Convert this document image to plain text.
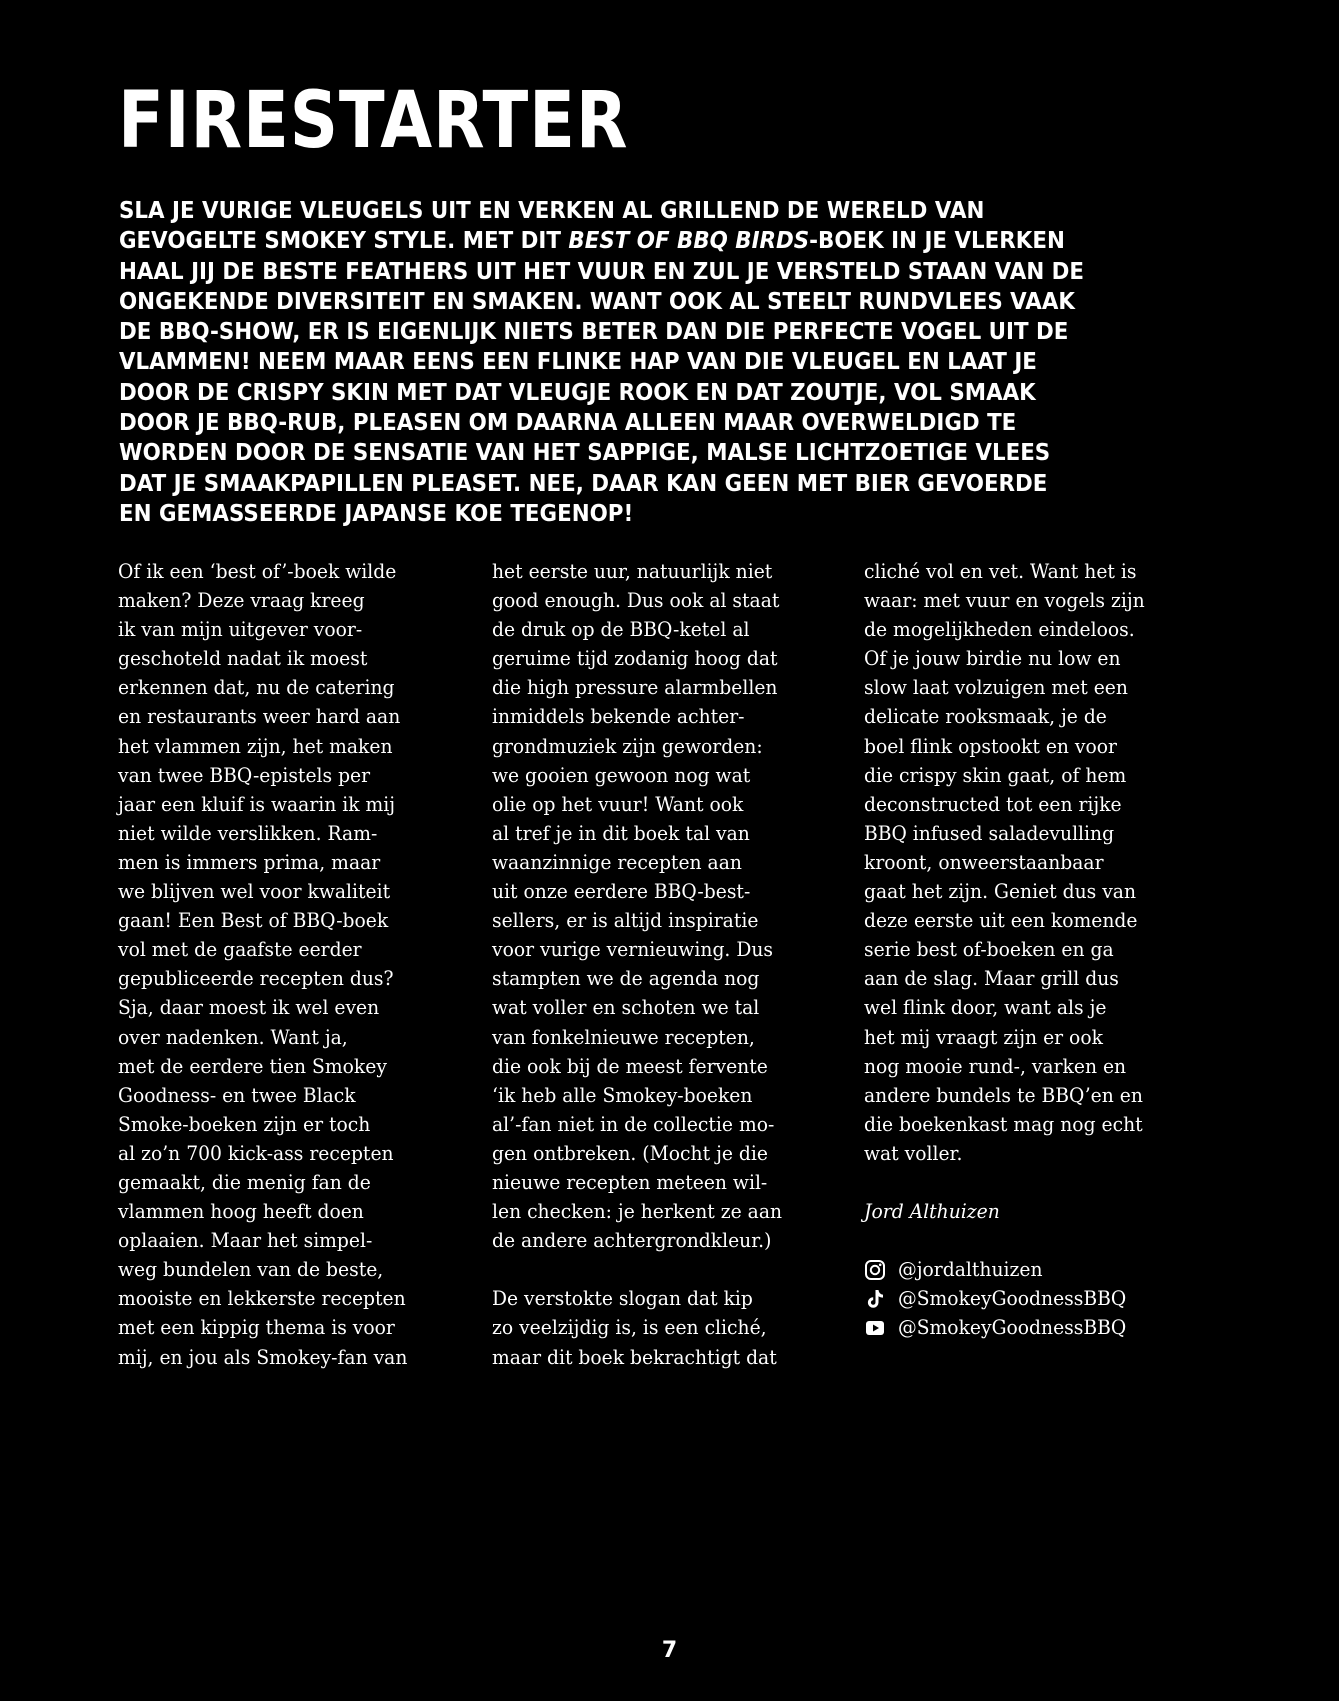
FIRESTARTER
SLA JE VURIGE VLEUGELS UIT EN VERKEN AL GRILLEND DE WERELD VAN
GEVOGELTE SMOKEY STYLE. MET DIT BEST OF BBQ BIRDS-BOEK IN JE VLERKEN
HAAL JIJ DE BESTE FEATHERS UIT HET VUUR EN ZUL JE VERSTELD STAAN VAN DE
ONGEKENDE DIVERSITEIT EN SMAKEN. WANT OOK AL STEELT RUNDVLEES VAAK
DE BBQ-SHOW, ER IS EIGENLIJK NIETS BETER DAN DIE PERFECTE VOGEL UIT DE
VLAMMEN! NEEM MAAR EENS EEN FLINKE HAP VAN DIE VLEUGEL EN LAAT JE
DOOR DE CRISPY SKIN MET DAT VLEUGJE ROOK EN DAT ZOUTJE, VOL SMAAK
DOOR JE BBQ-RUB, PLEASEN OM DAARNA ALLEEN MAAR OVERWELDIGD TE
WORDEN DOOR DE SENSATIE VAN HET SAPPIGE, MALSE LICHTZOETIGE VLEES
DAT JE SMAAKPAPILLEN PLEASET. NEE, DAAR KAN GEEN MET BIER GEVOERDE
EN GEMASSEERDE JAPANSE KOE TEGENOP!
Of ik een ‘best of’-boek wilde
maken? Deze vraag kreeg
ik van mijn uitgever voor-
geschoteld nadat ik moest
erkennen dat, nu de catering
en restaurants weer hard aan
het vlammen zijn, het maken
van twee BBQ-epistels per
jaar een kluif is waarin ik mij
niet wilde verslikken. Ram-
men is immers prima, maar
we blijven wel voor kwaliteit
gaan! Een Best of BBQ-boek
vol met de gaafste eerder
gepubliceerde recepten dus?
Sja, daar moest ik wel even
over nadenken. Want ja,
met de eerdere tien Smokey
Goodness- en twee Black
Smoke-boeken zijn er toch
al zo’n 700 kick-ass recepten
gemaakt, die menig fan de
vlammen hoog heeft doen
oplaaien. Maar het simpel-
weg bundelen van de beste,
mooiste en lekkerste recepten
met een kippig thema is voor
mij, en jou als Smokey-fan van
het eerste uur, natuurlijk niet
good enough. Dus ook al staat
de druk op de BBQ-ketel al
geruime tijd zodanig hoog dat
die high pressure alarmbellen
inmiddels bekende achter-
grondmuziek zijn geworden:
we gooien gewoon nog wat
olie op het vuur! Want ook
al tref je in dit boek tal van
waanzinnige recepten aan
uit onze eerdere BBQ-best-
sellers, er is altijd inspiratie
voor vurige vernieuwing. Dus
stampten we de agenda nog
wat voller en schoten we tal
van fonkelnieuwe recepten,
die ook bij de meest fervente
‘ik heb alle Smokey-boeken
al’-fan niet in de collectie mo-
gen ontbreken. (Mocht je die
nieuwe recepten meteen wil-
len checken: je herkent ze aan
de andere achtergrondkleur.)
De verstokte slogan dat kip
zo veelzijdig is, is een cliché,
maar dit boek bekrachtigt dat
cliché vol en vet. Want het is
waar: met vuur en vogels zijn
de mogelijkheden eindeloos.
Of je jouw birdie nu low en
slow laat volzuigen met een
delicate rooksmaak, je de
boel flink opstookt en voor
die crispy skin gaat, of hem
deconstructed tot een rijke
BBQ infused saladevulling
kroont, onweerstaanbaar
gaat het zijn. Geniet dus van
deze eerste uit een komende
serie best of-boeken en ga
aan de slag. Maar grill dus
wel flink door, want als je
het mij vraagt zijn er ook
nog mooie rund-, varken en
andere bundels te BBQ’en en
die boekenkast mag nog echt
wat voller.
Jord Althuizen
@jordalthuizen
@SmokeyGoodnessBBQ
@SmokeyGoodnessBBQ
7
